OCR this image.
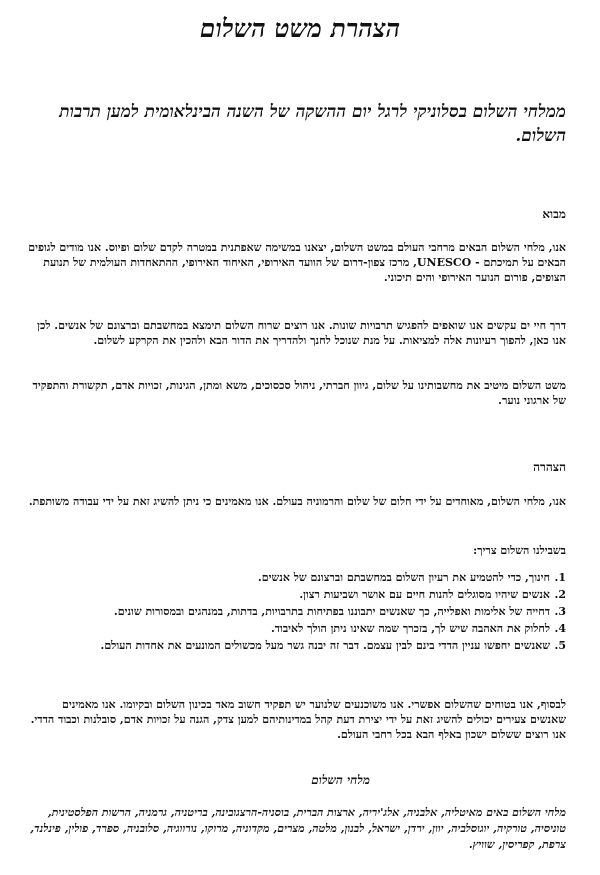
הצהרת משט השלום

ממלחי השלום בסלוניקי לרגל יום ההשקה של השנה הבינלאומית למען תרבות השלום.

מבוא

אנו, מלחי השלום הבאים מרחבי העולם במשט השלום, יצאנו במשימה שאפתנית במטרה לקדם שלום ופיוס. אנו מודים לגופים הבאים על תמיכתם - UNESCO, מרכז צפון-דרום של הוועד האירופי, האיחוד האירופי, ההתאחדות העולמית של תנועת הצופים, פורום הנוער האירופי והים תיכוני.

דרך חיי ים עקשים אנו שואפים להפגיש תרבויות שונות. אנו רוצים שרוח השלום תימצא במחשבתם וברצונם של אנשים. לכן אנו כאן, להפוך רעיונות אלה למציאות. על מנת שנוכל לחנך ולהדריך את הדור הבא ולהכין את הקרקע לשלום.

משט השלום מיטיב את מחשבותינו על שלום, גיוון חברתי, ניהול סכסוכים, משא ומתן, הגינות, זכויות אדם, תקשורת והתפקיד של ארגוני נוער.

הצהרה

אנו, מלחי השלום, מאוחדים על ידי חלום של שלום והרמוניה בעולם. אנו מאמינים כי ניתן להשיג זאת על ידי עבודה משותפת.

בשבילנו השלום צריך:

1.
חינוך, כדי להטמיע את רעיון השלום במחשבתם וברצונם של אנשים.
2.
אנשים שיהיו מסוגלים להנות חיים עם אושר ושביעות רצון.
3.
דחייה של אלימות ואפלייה, כך שאנשים יתבוננו בפתיחות בתרבויות, בדתות, במנהגים ובמסורות שונים.
4.
לחלוק את האהבה שיש לך, בזכרך שמה שאינו ניתן הולך לאיבוד.
5.
שאנשים יחפשו עניין הדדי בינם לבין עצמם. דבר זה יבנה גשר מעל מכשולים המונעים את אחדות העולם.

לבסוף, אנו בטוחים שהשלום אפשרי. אנו משוכנעים שלנוער יש תפקיד חשוב מאד בכינון השלום ובקיומו. אנו מאמינים שאנשים צעירים יכולים להשיג זאת על ידי יצירת דעת קהל במדינותיהם למען צדק, הגנה על זכויות אדם, סובלנות וכבוד הדדי. אנו רוצים ששלום ישכון באלף הבא בכל רחבי העולם.

מלחי השלום

מלחי השלום באים מאיטליה, אלבניה, אלג'יריה, ארצות הברית, בוסניה-הרצגובינה, בריטניה, גרמניה, הרשות הפלסטינית, טוניסיה, טורקיה, יוגוסלביה, יוון, ירדן, ישראל, לבנון, מלטה, מצרים, מקדוניה, מרוקו, נורווגיה, סלובניה, ספרד, פולין, פינלנד, צרפת, קפריסין, שוויץ.
